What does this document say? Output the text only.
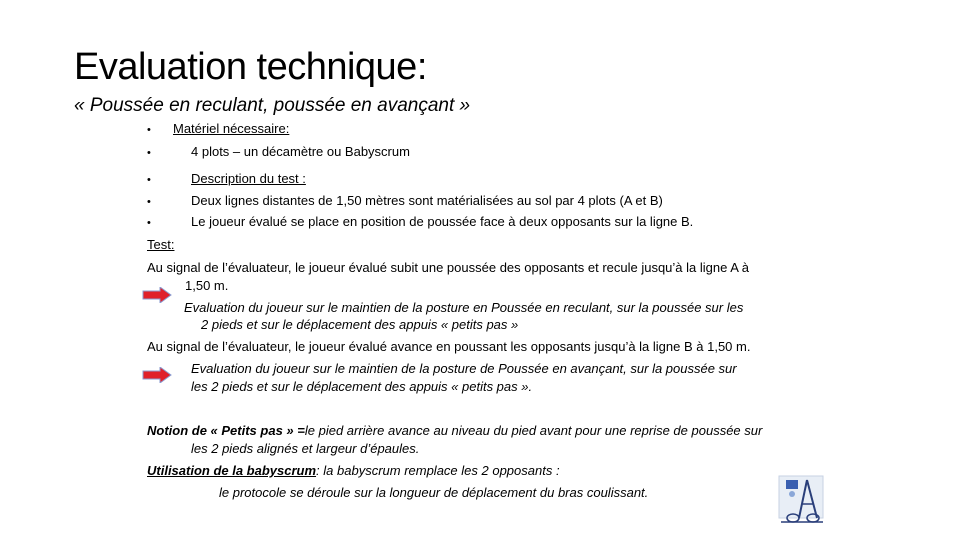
Evaluation technique:
« Poussée en reculant, poussée en avançant »
• Matériel nécessaire:
•	4 plots – un décamètre ou Babyscrum
•	Description du test :
•	Deux lignes distantes de 1,50 mètres sont matérialisées au sol par 4 plots (A et B)
•	Le joueur évalué se place en position de poussée face à deux opposants sur la ligne B.
Test:
Au signal de l’évaluateur, le joueur évalué subit une poussée des opposants et recule jusqu’à la ligne A à
1,50 m.
Evaluation du joueur sur le maintien de la posture en Poussée en reculant, sur la poussée sur les
2 pieds et sur le déplacement des appuis « petits pas »
Au signal de l’évaluateur, le joueur évalué avance en poussant les opposants jusqu’à la ligne B à 1,50 m.
Evaluation du joueur sur le maintien de la posture de Poussée en avançant, sur la poussée sur
les 2 pieds et sur le déplacement des appuis « petits pas ».
Notion de « Petits pas » =le pied arrière avance au niveau du pied avant pour une reprise de poussée sur
les 2 pieds alignés et largeur d’épaules.
Utilisation de la babyscrum: la babyscrum remplace les 2 opposants :
le protocole se déroule sur la longueur de déplacement du bras coulissant.
